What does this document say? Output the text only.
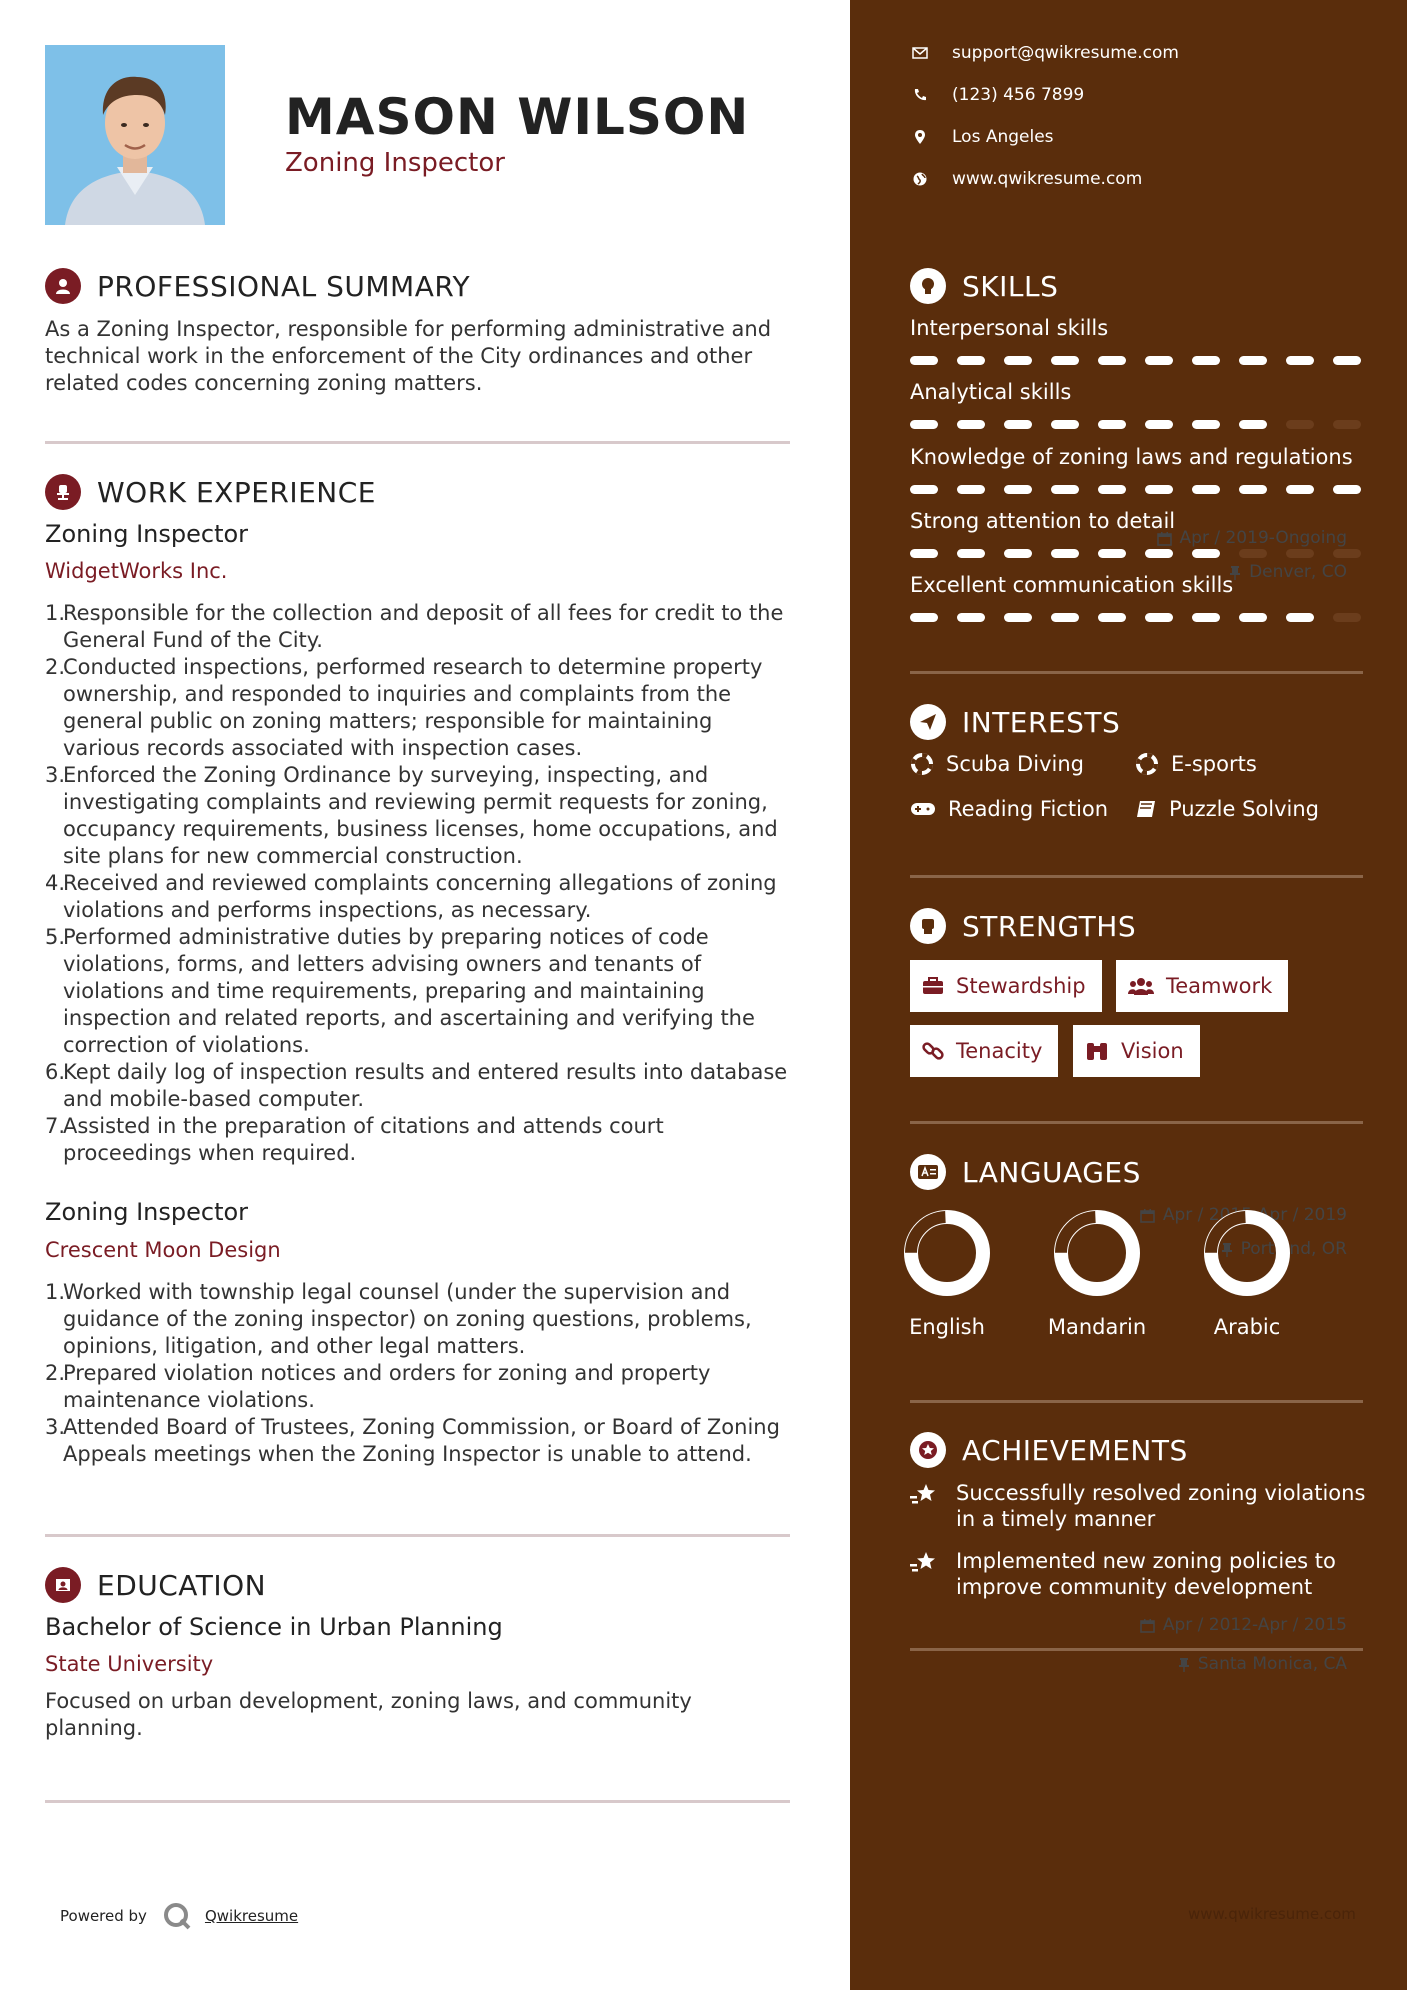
MASON WILSON
Zoning Inspector
PROFESSIONAL SUMMARY
As a Zoning Inspector, responsible for performing administrative and technical work in the enforcement of the City ordinances and other related codes concerning zoning matters.
WORK EXPERIENCE
Zoning Inspector
WidgetWorks Inc.
Apr / 2019-Ongoing
Denver, CO
1.
Responsible for the collection and deposit of all fees for credit to the General Fund of the City.
2.
Conducted inspections, performed research to determine property ownership, and responded to inquiries and complaints from the general public on zoning matters; responsible for maintaining various records associated with inspection cases.
3.
Enforced the Zoning Ordinance by surveying, inspecting, and investigating complaints and reviewing permit requests for zoning, occupancy requirements, business licenses, home occupations, and site plans for new commercial construction.
4.
Received and reviewed complaints concerning allegations of zoning violations and performs inspections, as necessary.
5.
Performed administrative duties by preparing notices of code violations, forms, and letters advising owners and tenants of violations and time requirements, preparing and maintaining inspection and related reports, and ascertaining and verifying the correction of violations.
6.
Kept daily log of inspection results and entered results into database and mobile-based computer.
7.
Assisted in the preparation of citations and attends court proceedings when required.
Zoning Inspector
Crescent Moon Design
Apr / 2015-Apr / 2019
Portland, OR
1.
Worked with township legal counsel (under the supervision and guidance of the zoning inspector) on zoning questions, problems, opinions, litigation, and other legal matters.
2.
Prepared violation notices and orders for zoning and property maintenance violations.
3.
Attended Board of Trustees, Zoning Commission, or Board of Zoning Appeals meetings when the Zoning Inspector is unable to attend.
EDUCATION
Bachelor of Science in Urban Planning
State University
Apr / 2012-Apr / 2015
Santa Monica, CA
Focused on urban development, zoning laws, and community planning.
Powered by	Qwikresume
support@qwikresume.com
(123) 456 7899
Los Angeles
www.qwikresume.com
SKILLS
Interpersonal skills
Analytical skills
Knowledge of zoning laws and regulations
Strong attention to detail
Excellent communication skills
INTERESTS
Scuba Diving	E-sports
Reading Fiction	Puzzle Solving
STRENGTHS
Stewardship	Teamwork
Tenacity	Vision
LANGUAGES
English	Mandarin	Arabic
ACHIEVEMENTS
Successfully resolved zoning violations in a timely manner
Implemented new zoning policies to improve community development
www.qwikresume.com
